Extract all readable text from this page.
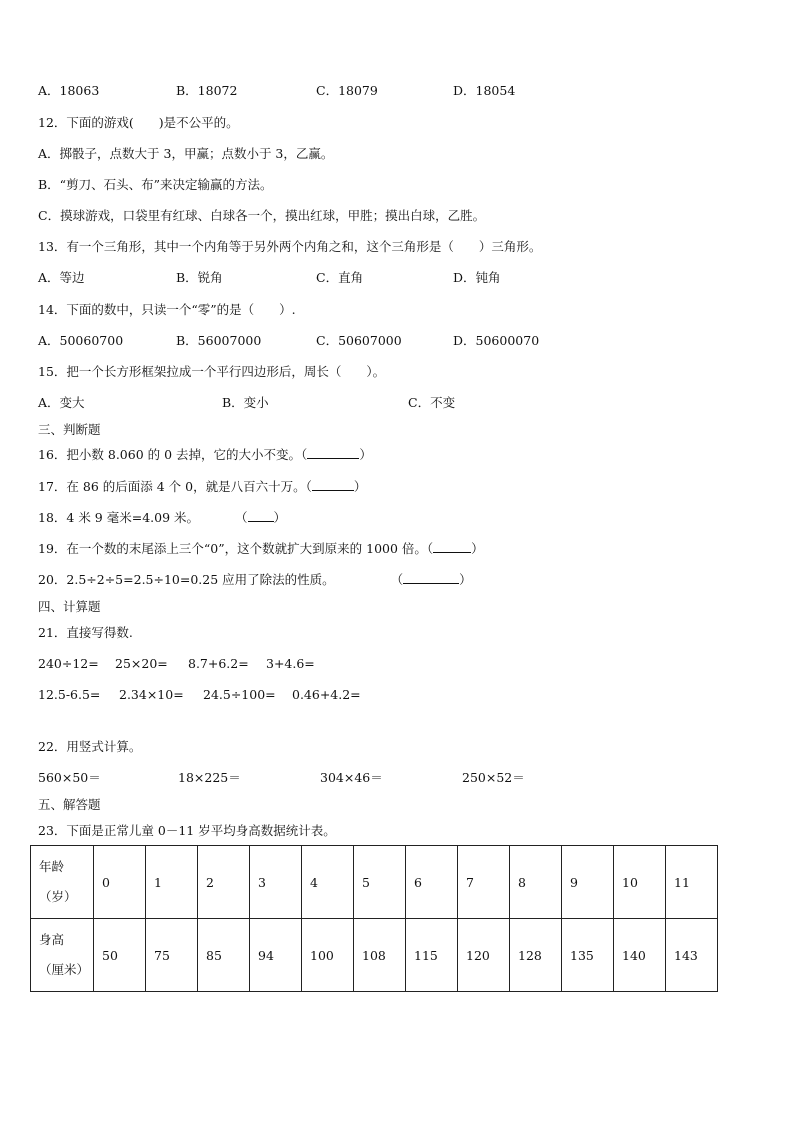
A．18063	B．18072	C．18079	D．18054
12．下面的游戏(　　)是不公平的。
A．掷骰子，点数大于 3，甲赢；点数小于 3，乙赢。
B．“剪刀、石头、布”来决定输赢的方法。
C．摸球游戏，口袋里有红球、白球各一个，摸出红球，甲胜；摸出白球，乙胜。
13．有一个三角形，其中一个内角等于另外两个内角之和，这个三角形是（　　）三角形。
A．等边	B．锐角	C．直角	D．钝角
14．下面的数中，只读一个“零”的是（　　）.
A．50060700	B．56007000	C．50607000	D．50600070
15．把一个长方形框架拉成一个平行四边形后，周长（　　）。
A．变大	B．变小	C．不变
三、判断题
16．把小数 8.060 的 0 去掉，它的大小不变。（	）
17．在 86 的后面添 4 个 0，就是八百六十万。（	）
18．4 米 9 毫米=4.09 米。	（ ）
19．在一个数的末尾添上三个“0”，这个数就扩大到原来的 1000 倍。（	）
20．2.5÷2÷5=2.5÷10=0.25 应用了除法的性质。	（	）
四、计算题
21．直接写得数.
240÷12= 25×20= 8.7+6.2= 3+4.6=
12.5-6.5= 2.34×10= 24.5÷100= 0.46+4.2=
22．用竖式计算。
560×50＝	18×225＝	304×46＝	250×52＝
五、解答题
23．下面是正常儿童 0－11 岁平均身高数据统计表。
年龄
（岁）	0	1	2	3	4	5	6	7	8	9	10	11

身高
（厘米）	50	75	85	94	100	108	115	120	128	135	140	143
